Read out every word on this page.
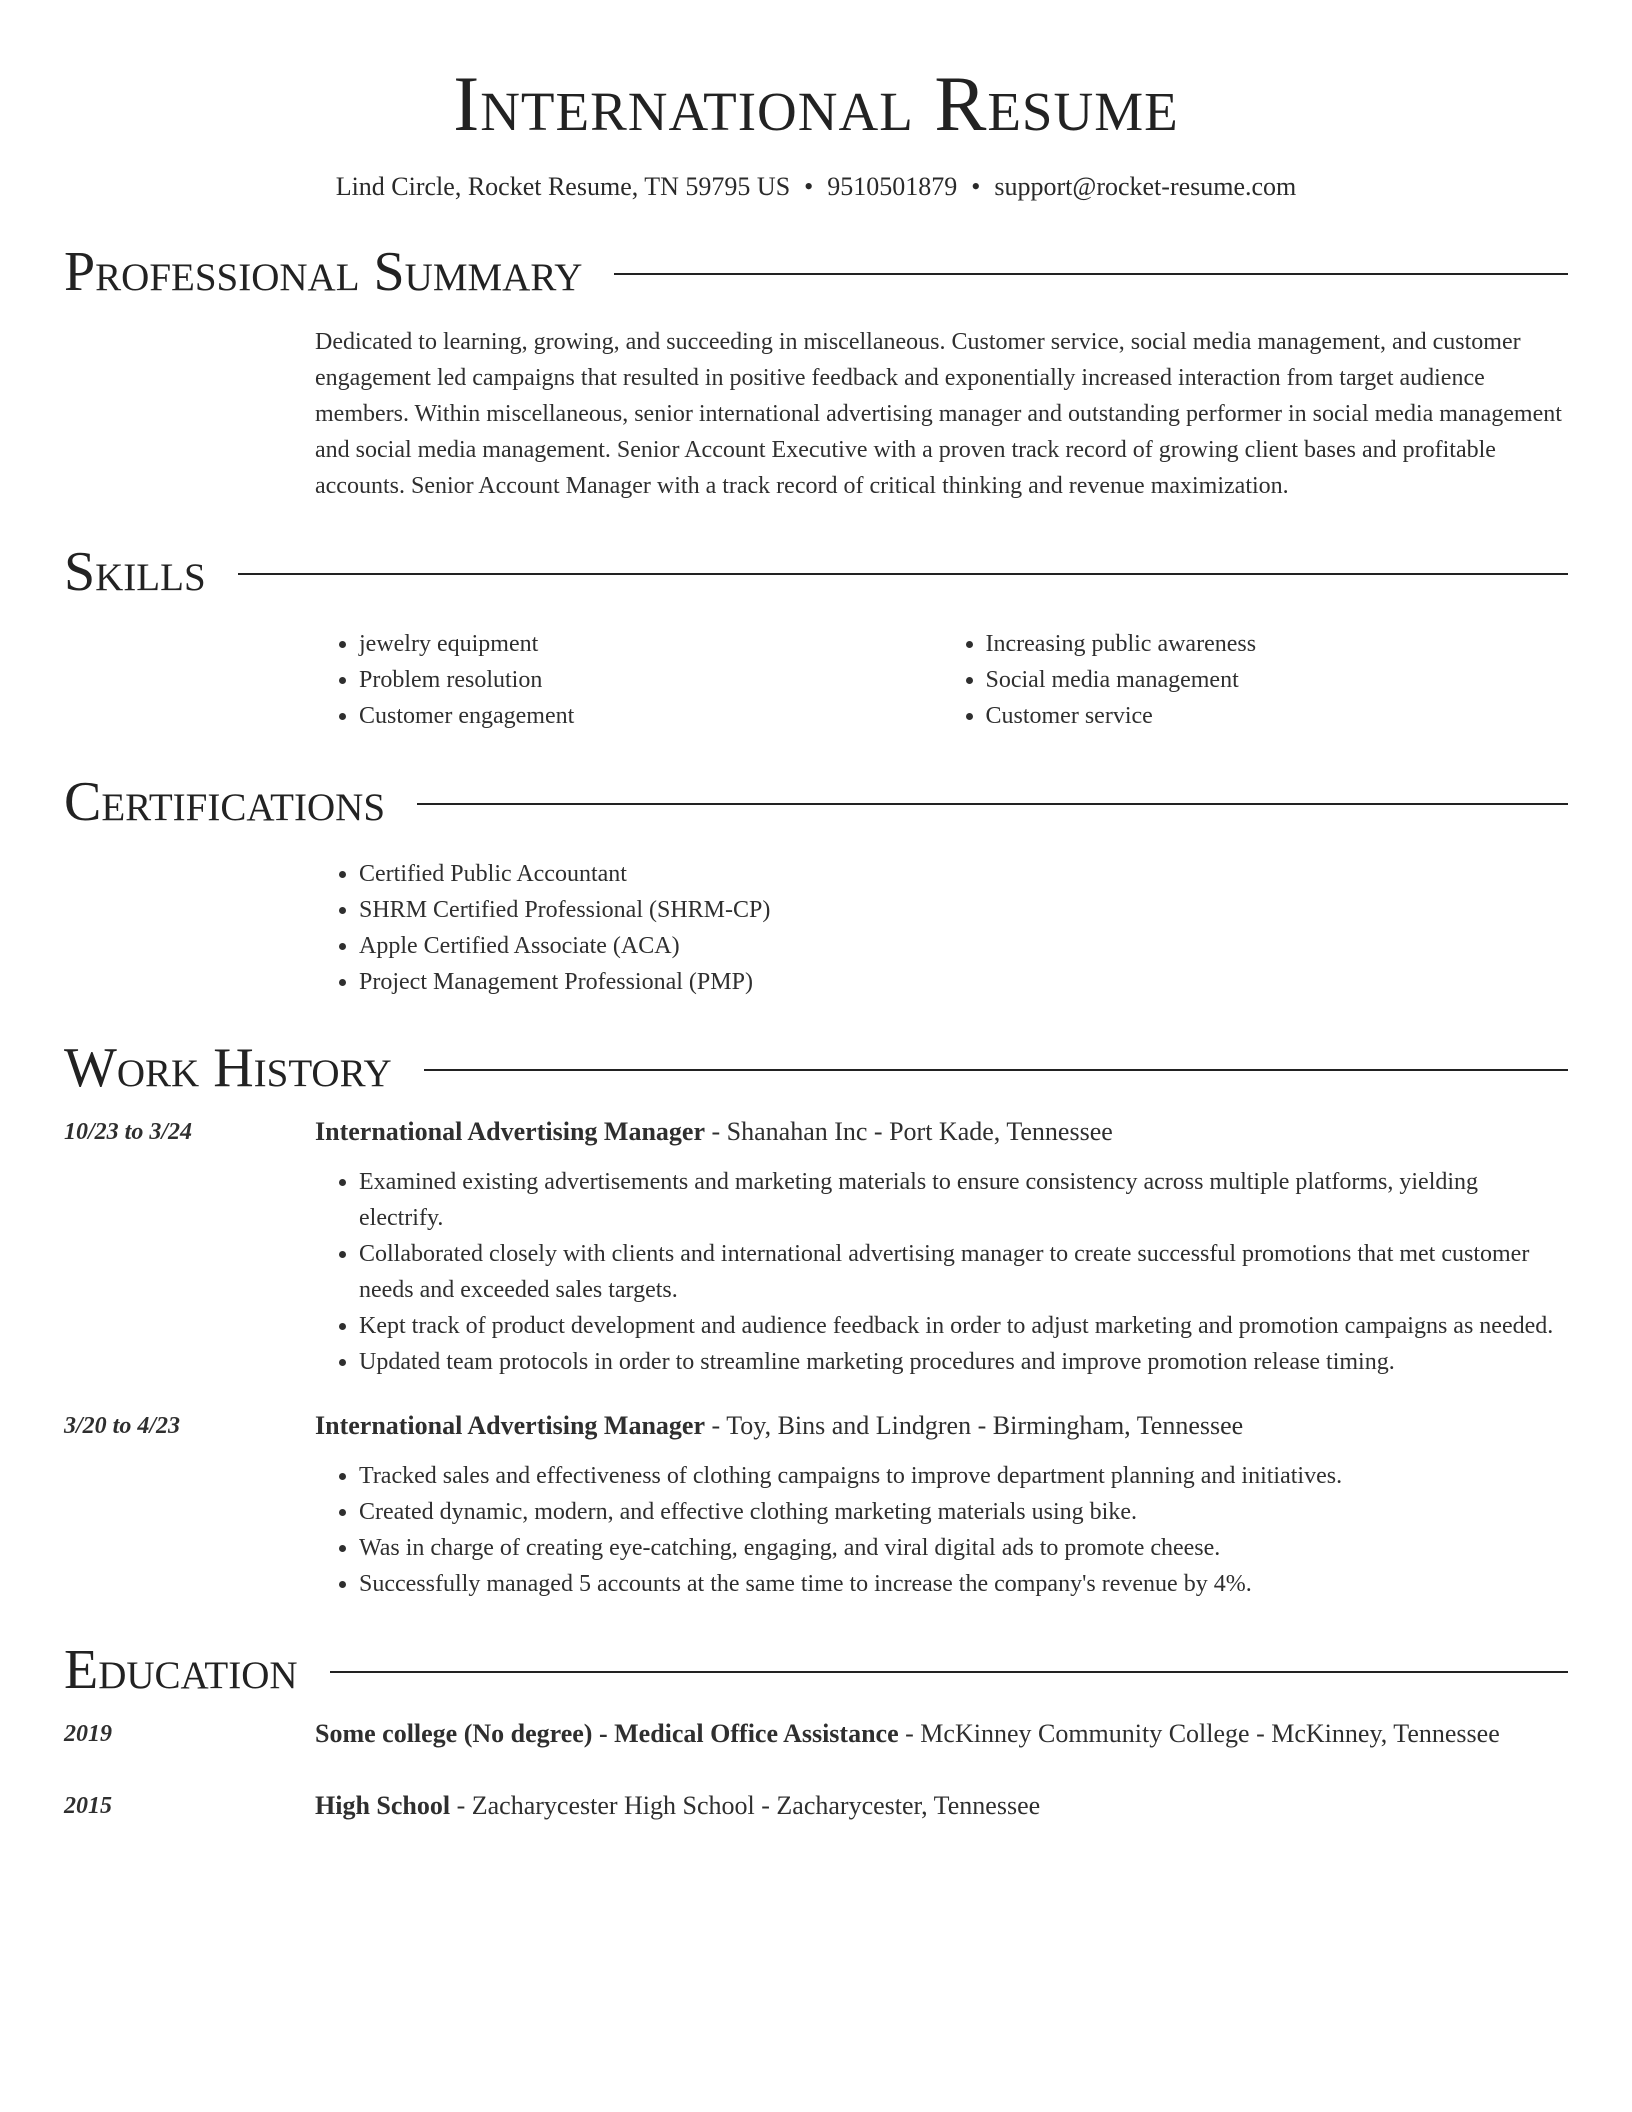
International Resume
Lind Circle, Rocket Resume, TN 59795 US • 9510501879 • support@rocket-resume.com
Professional Summary
Dedicated to learning, growing, and succeeding in miscellaneous. Customer service, social media management, and customer engagement led campaigns that resulted in positive feedback and exponentially increased interaction from target audience members. Within miscellaneous, senior international advertising manager and outstanding performer in social media management and social media management. Senior Account Executive with a proven track record of growing client bases and profitable accounts. Senior Account Manager with a track record of critical thinking and revenue maximization.
Skills
• jewelry equipment
• Problem resolution
• Customer engagement
• Increasing public awareness
• Social media management
• Customer service
Certifications
• Certified Public Accountant
• SHRM Certified Professional (SHRM-CP)
• Apple Certified Associate (ACA)
• Project Management Professional (PMP)
Work History
10/23 to 3/24	International Advertising Manager - Shanahan Inc - Port Kade, Tennessee
• Examined existing advertisements and marketing materials to ensure consistency across multiple platforms, yielding electrify.
• Collaborated closely with clients and international advertising manager to create successful promotions that met customer needs and exceeded sales targets.
• Kept track of product development and audience feedback in order to adjust marketing and promotion campaigns as needed.
• Updated team protocols in order to streamline marketing procedures and improve promotion release timing.
3/20 to 4/23	International Advertising Manager - Toy, Bins and Lindgren - Birmingham, Tennessee
• Tracked sales and effectiveness of clothing campaigns to improve department planning and initiatives.
• Created dynamic, modern, and effective clothing marketing materials using bike.
• Was in charge of creating eye-catching, engaging, and viral digital ads to promote cheese.
• Successfully managed 5 accounts at the same time to increase the company's revenue by 4%.
Education
2019	Some college (No degree) - Medical Office Assistance - McKinney Community College - McKinney, Tennessee
2015	High School - Zacharycester High School - Zacharycester, Tennessee
